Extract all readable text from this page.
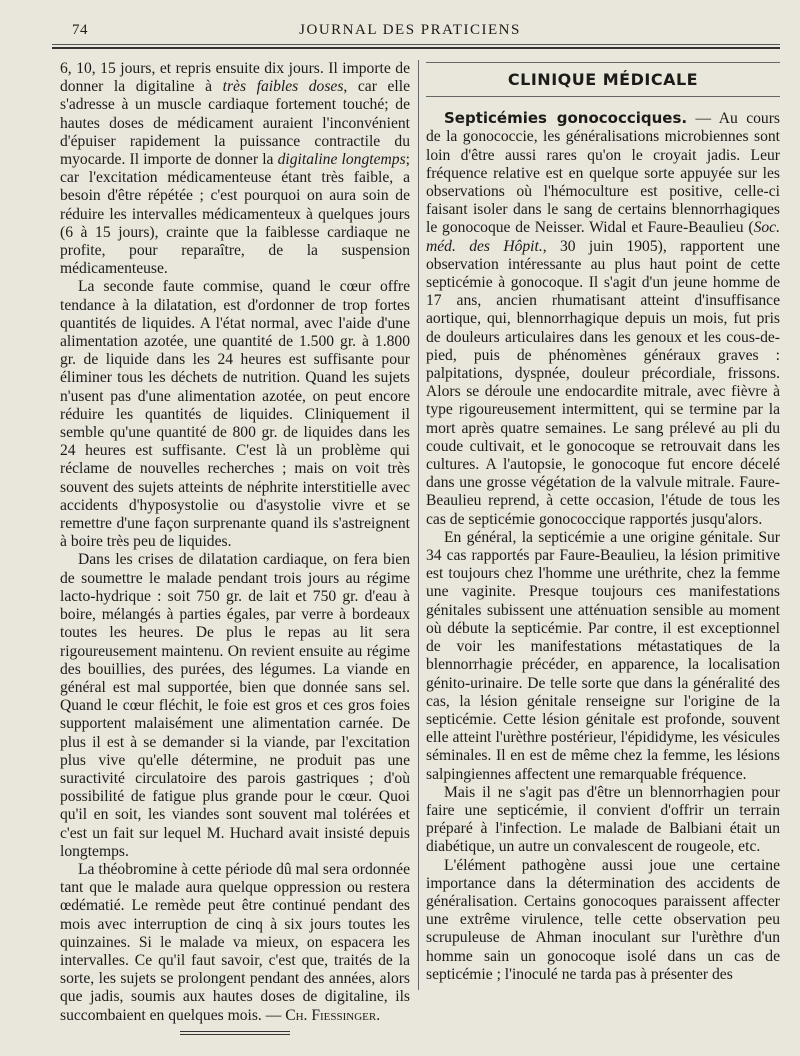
74	JOURNAL DES PRATICIENS

6, 10, 15 jours, et repris ensuite dix jours. Il importe de donner la digitaline à très faibles doses, car elle s'adresse à un muscle cardiaque fortement touché; de hautes doses de médicament auraient l'inconvénient d'épuiser rapidement la puissance contractile du myocarde. Il importe de donner la digitaline longtemps; car l'excitation médicamenteuse étant très faible, a besoin d'être répétée ; c'est pourquoi on aura soin de réduire les intervalles médicamenteux à quelques jours (6 à 15 jours), crainte que la faiblesse cardiaque ne profite, pour reparaître, de la suspension médicamenteuse.

La seconde faute commise, quand le cœur offre tendance à la dilatation, est d'ordonner de trop fortes quantités de liquides. A l'état normal, avec l'aide d'une alimentation azotée, une quantité de 1.500 gr. à 1.800 gr. de liquide dans les 24 heures est suffisante pour éliminer tous les déchets de nutrition. Quand les sujets n'usent pas d'une alimentation azotée, on peut encore réduire les quantités de liquides. Cliniquement il semble qu'une quantité de 800 gr. de liquides dans les 24 heures est suffisante. C'est là un problème qui réclame de nouvelles recherches ; mais on voit très souvent des sujets atteints de néphrite interstitielle avec accidents d'hyposystolie ou d'asystolie vivre et se remettre d'une façon surprenante quand ils s'astreignent à boire très peu de liquides.

Dans les crises de dilatation cardiaque, on fera bien de soumettre le malade pendant trois jours au régime lacto-hydrique : soit 750 gr. de lait et 750 gr. d'eau à boire, mélangés à parties égales, par verre à bordeaux toutes les heures. De plus le repas au lit sera rigoureusement maintenu. On revient ensuite au régime des bouillies, des purées, des légumes. La viande en général est mal supportée, bien que donnée sans sel. Quand le cœur fléchit, le foie est gros et ces gros foies supportent malaisément une alimentation carnée. De plus il est à se demander si la viande, par l'excitation plus vive qu'elle détermine, ne produit pas une suractivité circulatoire des parois gastriques ; d'où possibilité de fatigue plus grande pour le cœur. Quoi qu'il en soit, les viandes sont souvent mal tolérées et c'est un fait sur lequel M. Huchard avait insisté depuis longtemps.

La théobromine à cette période dû mal sera ordonnée tant que le malade aura quelque oppression ou restera œdématié. Le remède peut être continué pendant des mois avec interruption de cinq à six jours toutes les quinzaines. Si le malade va mieux, on espacera les intervalles. Ce qu'il faut savoir, c'est que, traités de la sorte, les sujets se prolongent pendant des années, alors que jadis, soumis aux hautes doses de digitaline, ils succombaient en quelques mois. — Ch. Fiessinger.

CLINIQUE MÉDICALE

Septicémies gonococciques. — Au cours de la gonococcie, les généralisations microbiennes sont loin d'être aussi rares qu'on le croyait jadis. Leur fréquence relative est en quelque sorte appuyée sur les observations où l'hémoculture est positive, celle-ci faisant isoler dans le sang de certains blennorrhagiques le gonocoque de Neisser. Widal et Faure-Beaulieu (Soc. méd. des Hôpit., 30 juin 1905), rapportent une observation intéressante au plus haut point de cette septicémie à gonocoque. Il s'agit d'un jeune homme de 17 ans, ancien rhumatisant atteint d'insuffisance aortique, qui, blennorrhagique depuis un mois, fut pris de douleurs articulaires dans les genoux et les cous-de-pied, puis de phénomènes généraux graves : palpitations, dyspnée, douleur précordiale, frissons. Alors se déroule une endocardite mitrale, avec fièvre à type rigoureusement intermittent, qui se termine par la mort après quatre semaines. Le sang prélevé au pli du coude cultivait, et le gonocoque se retrouvait dans les cultures. A l'autopsie, le gonocoque fut encore décelé dans une grosse végétation de la valvule mitrale. Faure-Beaulieu reprend, à cette occasion, l'étude de tous les cas de septicémie gonococcique rapportés jusqu'alors.

En général, la septicémie a une origine génitale. Sur 34 cas rapportés par Faure-Beaulieu, la lésion primitive est toujours chez l'homme une uréthrite, chez la femme une vaginite. Presque toujours ces manifestations génitales subissent une atténuation sensible au moment où débute la septicémie. Par contre, il est exceptionnel de voir les manifestations métastatiques de la blennorrhagie précéder, en apparence, la localisation génito-urinaire. De telle sorte que dans la généralité des cas, la lésion génitale renseigne sur l'origine de la septicémie. Cette lésion génitale est profonde, souvent elle atteint l'urèthre postérieur, l'épididyme, les vésicules séminales. Il en est de même chez la femme, les lésions salpingiennes affectent une remarquable fréquence.

Mais il ne s'agit pas d'être un blennorrhagien pour faire une septicémie, il convient d'offrir un terrain préparé à l'infection. Le malade de Balbiani était un diabétique, un autre un convalescent de rougeole, etc.

L'élément pathogène aussi joue une certaine importance dans la détermination des accidents de généralisation. Certains gonocoques paraissent affecter une extrême virulence, telle cette observation peu scrupuleuse de Ahman inoculant sur l'urèthre d'un homme sain un gonocoque isolé dans un cas de septicémie ; l'inoculé ne tarda pas à présenter des
